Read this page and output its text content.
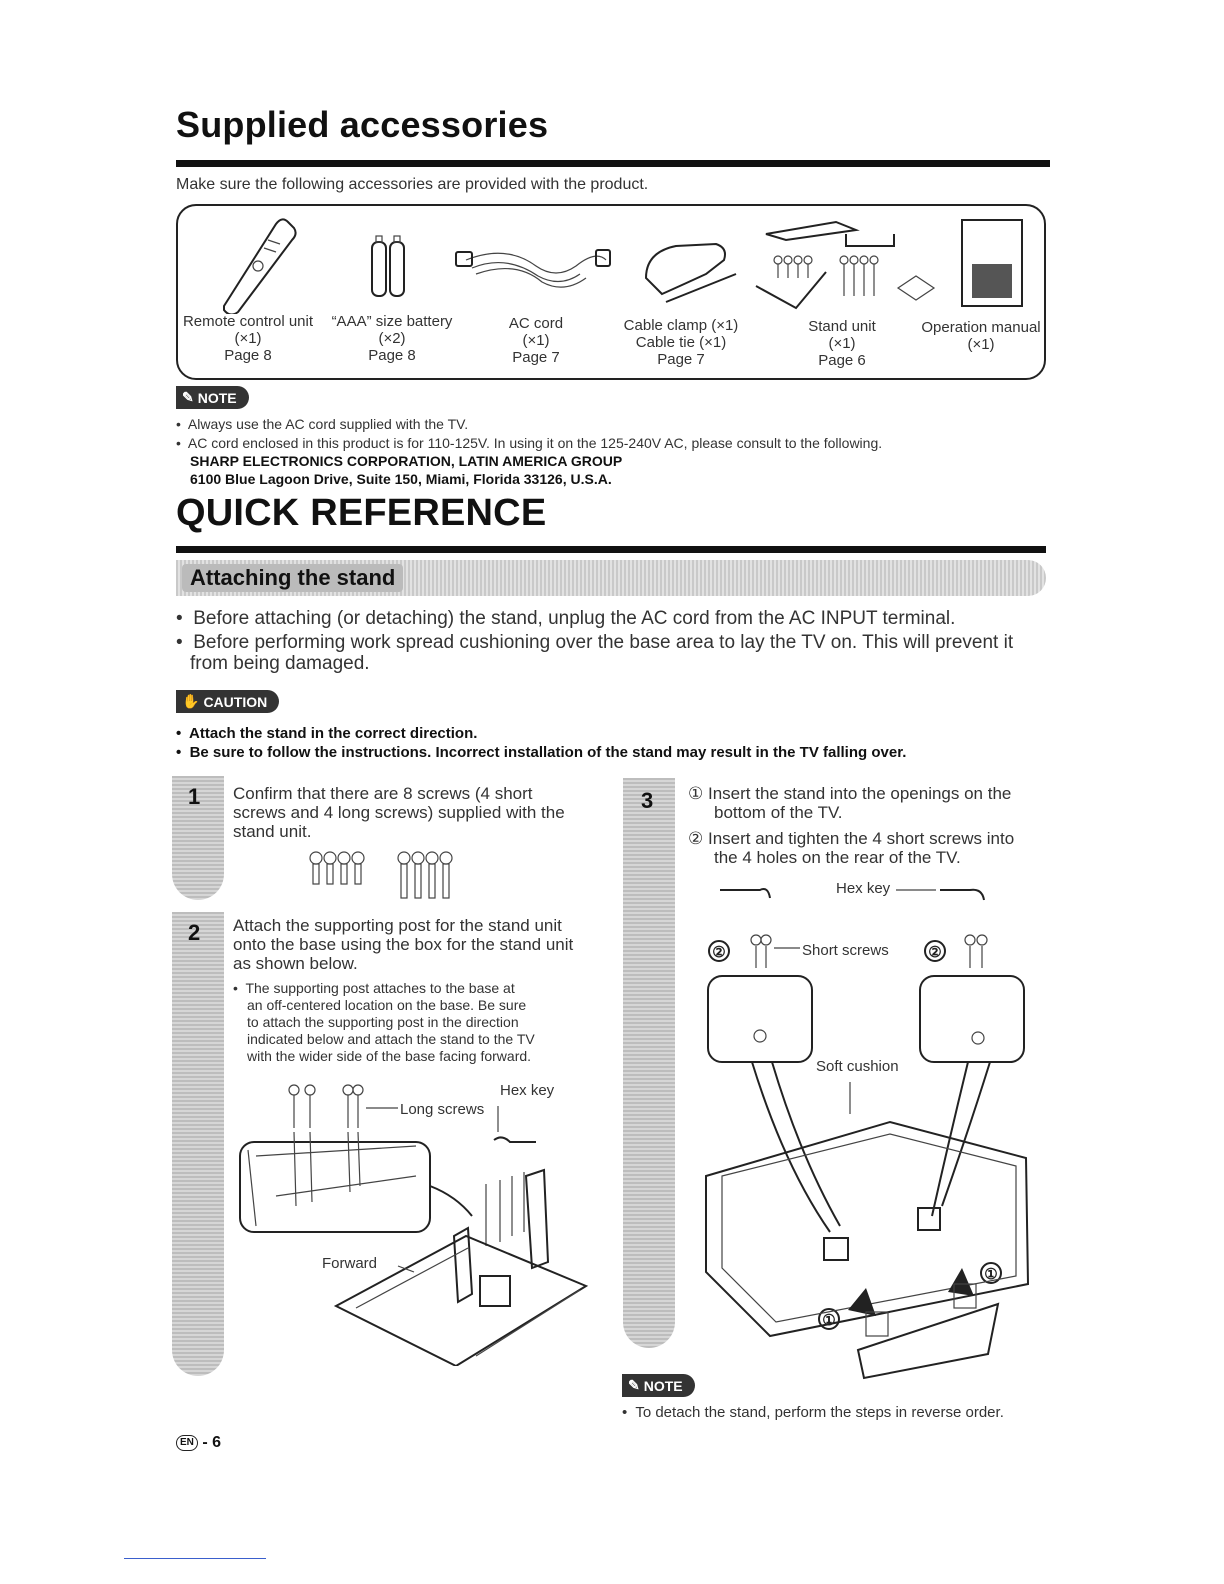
Supplied accessories
Make sure the following accessories are provided with the product.
Remote control unit
(×1)
Page 8
“AAA” size battery
(×2)
Page 8
AC cord
(×1)
Page 7
Cable clamp (×1)
Cable tie (×1)
Page 7
Stand unit
(×1)
Page 6
Operation manual
(×1)
✎ NOTE
•  Always use the AC cord supplied with the TV.
•  AC cord enclosed in this product is for 110-125V. In using it on the 125-240V AC, please consult to the following.
SHARP ELECTRONICS CORPORATION, LATIN AMERICA GROUP
6100 Blue Lagoon Drive, Suite 150, Miami, Florida 33126, U.S.A.
QUICK REFERENCE
Attaching the stand
•  Before attaching (or detaching) the stand, unplug the AC cord from the AC INPUT terminal.
•  Before performing work spread cushioning over the base area to lay the TV on. This will prevent it
from being damaged.
✋ CAUTION
•  Attach the stand in the correct direction.
•  Be sure to follow the instructions. Incorrect installation of the stand may result in the TV falling over.
1 Confirm that there are 8 screws (4 short
screws and 4 long screws) supplied with the
stand unit.
2 Attach the supporting post for the stand unit
onto the base using the box for the stand unit
as shown below.
•  The supporting post attaches to the base at
an off-centered location on the base. Be sure
to attach the supporting post in the direction
indicated below and attach the stand to the TV
with the wider side of the base facing forward.
Hex key
Long screws
Forward
3 ① Insert the stand into the openings on the
bottom of the TV.
② Insert and tighten the 4 short screws into
the 4 holes on the rear of the TV.
Hex key
Short screws
Soft cushion
②	②
①
①
✎ NOTE
•  To detach the stand, perform the steps in reverse order.
EN - 6
